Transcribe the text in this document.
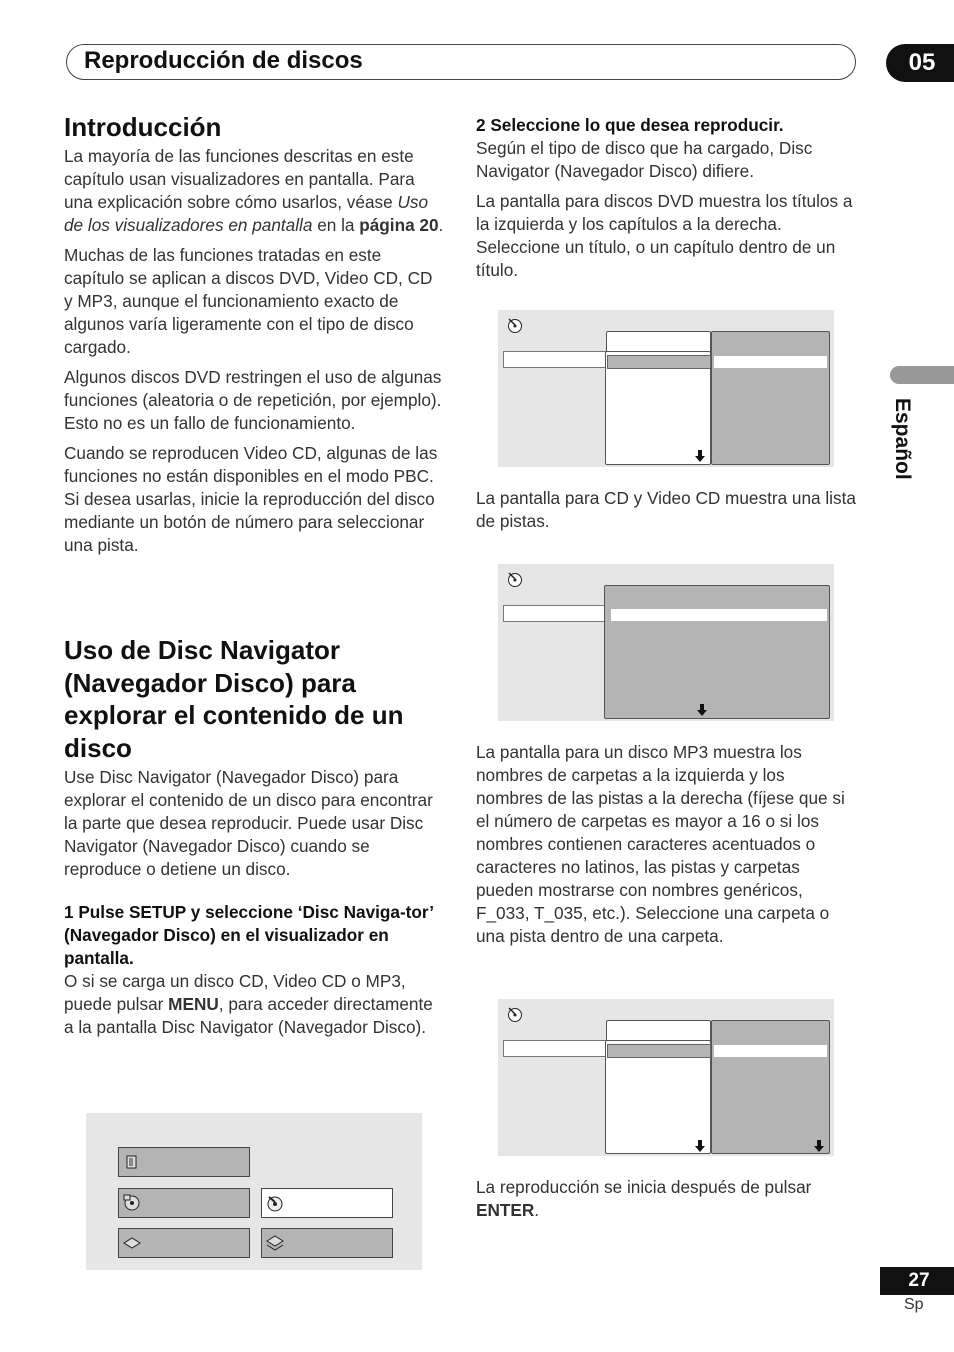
Reproducción de discos	05
Español
Introducción

La mayoría de las funciones descritas en este capítulo usan visualizadores en pantalla. Para una explicación sobre cómo usarlos, véase Uso de los visualizadores en pantalla en la página 20.

Muchas de las funciones tratadas en este capítulo se aplican a discos DVD, Video CD, CD y MP3, aunque el funcionamiento exacto de algunos varía ligeramente con el tipo de disco cargado.

Algunos discos DVD restringen el uso de algunas funciones (aleatoria o de repetición, por ejemplo). Esto no es un fallo de funcionamiento.

Cuando se reproducen Video CD, algunas de las funciones no están disponibles en el modo PBC. Si desea usarlas, inicie la reproducción del disco mediante un botón de número para seleccionar una pista.

Uso de Disc Navigator (Navegador Disco) para explorar el contenido de un disco

Use Disc Navigator (Navegador Disco) para explorar el contenido de un disco para encontrar la parte que desea reproducir. Puede usar Disc Navigator (Navegador Disco) cuando se reproduce o detiene un disco.

1 Pulse SETUP y seleccione ‘Disc Naviga-tor’ (Navegador Disco) en el visualizador en pantalla.

O si se carga un disco CD, Video CD o MP3, puede pulsar MENU, para acceder directamente a la pantalla Disc Navigator (Navegador Disco).

2 Seleccione lo que desea reproducir.

Según el tipo de disco que ha cargado, Disc Navigator (Navegador Disco) difiere.

La pantalla para discos DVD muestra los títulos a la izquierda y los capítulos a la derecha. Seleccione un título, o un capítulo dentro de un título.

La pantalla para CD y Video CD muestra una lista de pistas.

La pantalla para un disco MP3 muestra los nombres de carpetas a la izquierda y los nombres de las pistas a la derecha (fíjese que si el número de carpetas es mayor a 16 o si los nombres contienen caracteres acentuados o caracteres no latinos, las pistas y carpetas pueden mostrarse con nombres genéricos, F_033, T_035, etc.). Seleccione una carpeta o una pista dentro de una carpeta.

La reproducción se inicia después de pulsar ENTER.

27
Sp
